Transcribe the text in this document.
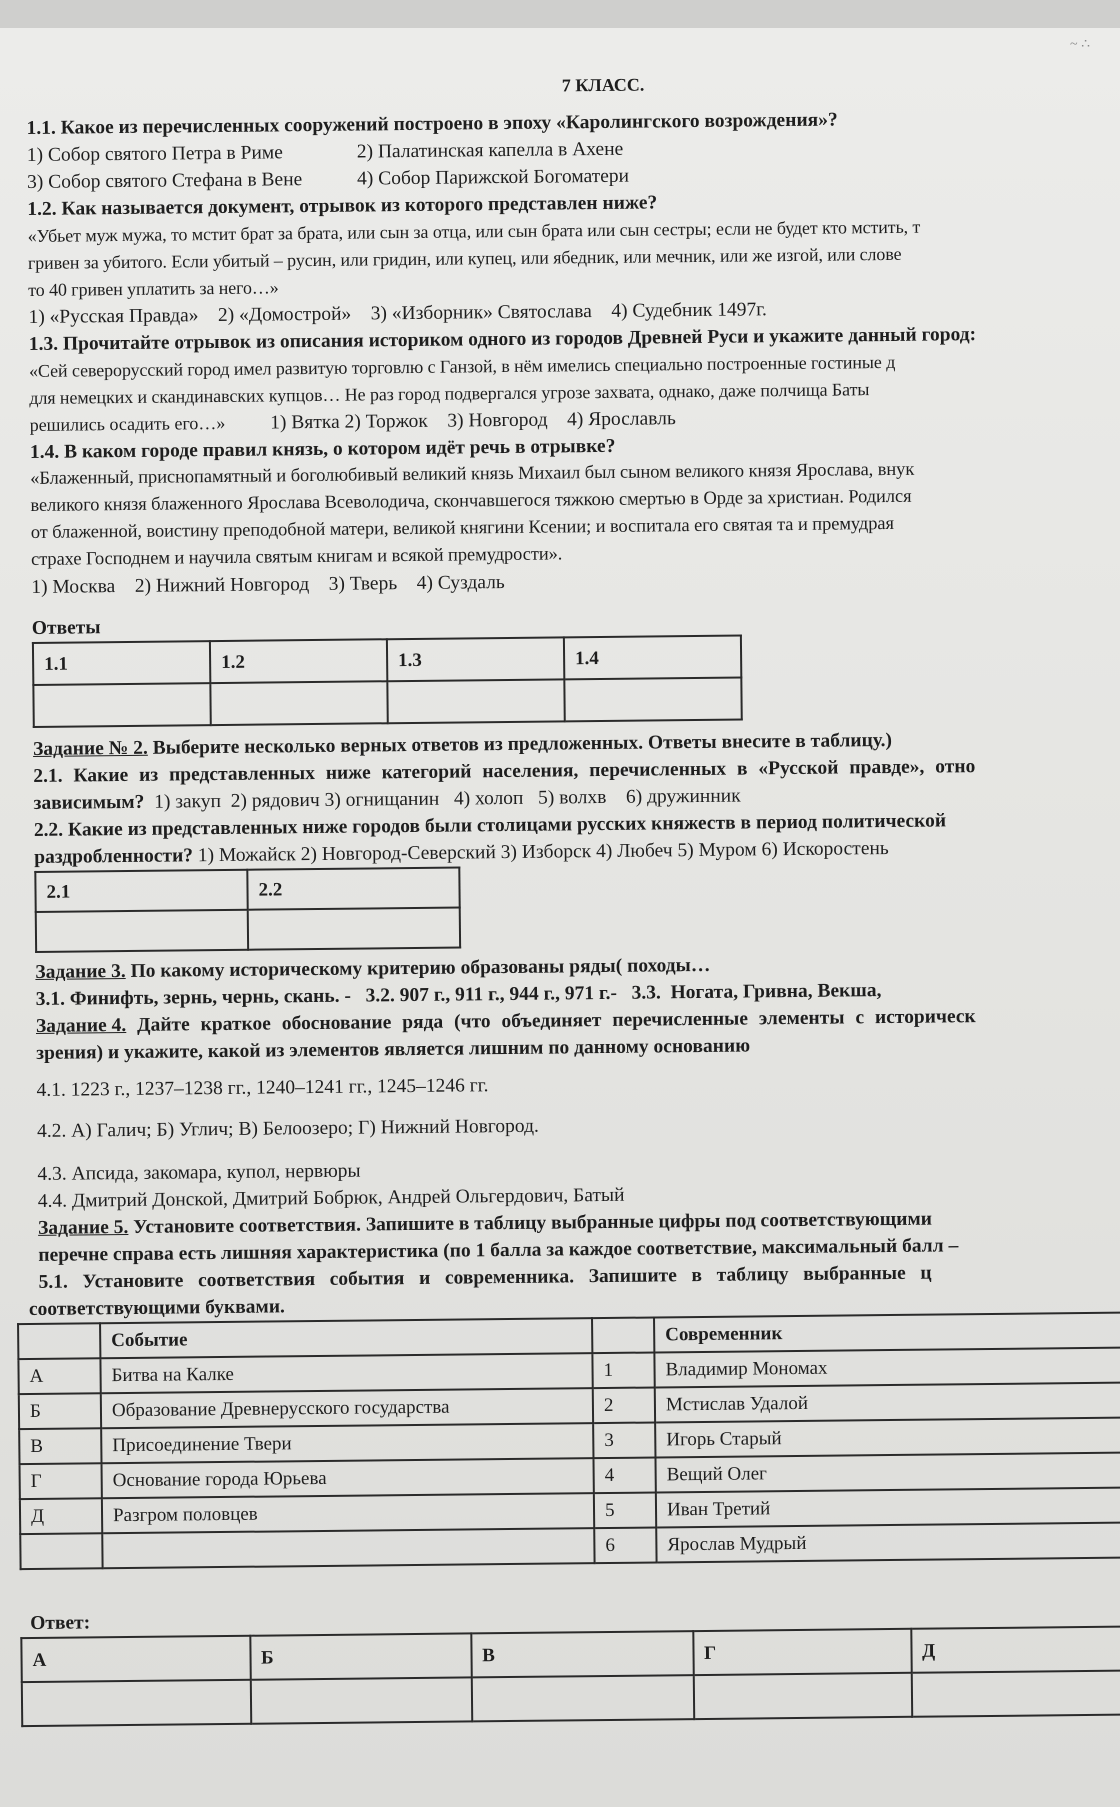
~ ∴
7 КЛАСС.
1.1. Какое из перечисленных сооружений построено в эпоху «Каролингского возрождения»?
1) Собор святого Петра в Риме	2) Палатинская капелла в Ахене
3) Собор святого Стефана в Вене	4) Собор Парижской Богоматери
1.2. Как называется документ, отрывок из которого представлен ниже?
«Убьет муж мужа, то мстит брат за брата, или сын за отца, или сын брата или сын сестры; если не будет кто мстить, т
гривен за убитого. Если убитый – русин, или гридин, или купец, или ябедник, или мечник, или же изгой, или слове
то 40 гривен уплатить за него…»
1) «Русская Правда»    2) «Домострой»    3) «Изборник» Святослава    4) Судебник 1497г.
1.3. Прочитайте отрывок из описания историком одного из городов Древней Руси и укажите данный город:
«Сей северорусский город имел развитую торговлю с Ганзой, в нём имелись специально построенные гостиные д
для немецких и скандинавских купцов… Не раз город подвергался угрозе захвата, однако, даже полчища Баты
решились осадить его…» 1) Вятка 2) Торжок    3) Новгород    4) Ярославль
1.4. В каком городе правил князь, о котором идёт речь в отрывке?
«Блаженный, приснопамятный и боголюбивый великий князь Михаил был сыном великого князя Ярослава, внук
великого князя блаженного Ярослава Всеволодича, скончавшегося тяжкою смертью в Орде за христиан. Родился
от блаженной, воистину преподобной матери, великой княгини Ксении; и воспитала его святая та и премудрая
страхе Господнем и научила святым книгам и всякой премудрости».
1) Москва    2) Нижний Новгород    3) Тверь    4) Суздаль
Ответы
1.1	1.2	1.3	1.4

Задание № 2. Выберите несколько верных ответов из предложенных. Ответы внесите в таблицу.)
2.1. Какие из представленных ниже категорий населения, перечисленных в «Русской правде», отно
зависимым?  1) закуп  2) рядович 3) огнищанин   4) холоп   5) волхв    6) дружинник
2.2. Какие из представленных ниже городов были столицами русских княжеств в период политической
раздробленности? 1) Можайск 2) Новгород-Северский 3) Изборск 4) Любеч 5) Муром 6) Искоростень
2.1	2.2

Задание 3. По какому историческому критерию образованы ряды( походы…
3.1. Финифть, зернь, чернь, скань. -   3.2. 907 г., 911 г., 944 г., 971 г.-   3.3.  Ногата, Гривна, Векша,
Задание 4. Дайте краткое обоснование ряда (что объединяет перечисленные элементы с историческ
зрения) и укажите, какой из элементов является лишним по данному основанию
4.1. 1223 г., 1237–1238 гг., 1240–1241 гг., 1245–1246 гг.
4.2. А) Галич; Б) Углич; В) Белоозеро; Г) Нижний Новгород.
4.3. Апсида, закомара, купол, нервюры
4.4. Дмитрий Донской, Дмитрий Бобрюк, Андрей Ольгердович, Батый
Задание 5. Установите соответствия. Запишите в таблицу выбранные цифры под соответствующими
перечне справа есть лишняя характеристика (по 1 балла за каждое соответствие, максимальный балл –
5.1.   Установите   соответствия   события   и   современника.   Запишите   в   таблицу   выбранные   ц
соответствующими буквами.
	Событие		Современник
А	Битва на Калке	1	Владимир Мономах
Б	Образование Древнерусского государства	2	Мстислав Удалой
В	Присоединение Твери	3	Игорь Старый
Г	Основание города Юрьева	4	Вещий Олег
Д	Разгром половцев	5	Иван Третий
		6	Ярослав Мудрый
Ответ:
А	Б	В	Г	Д
